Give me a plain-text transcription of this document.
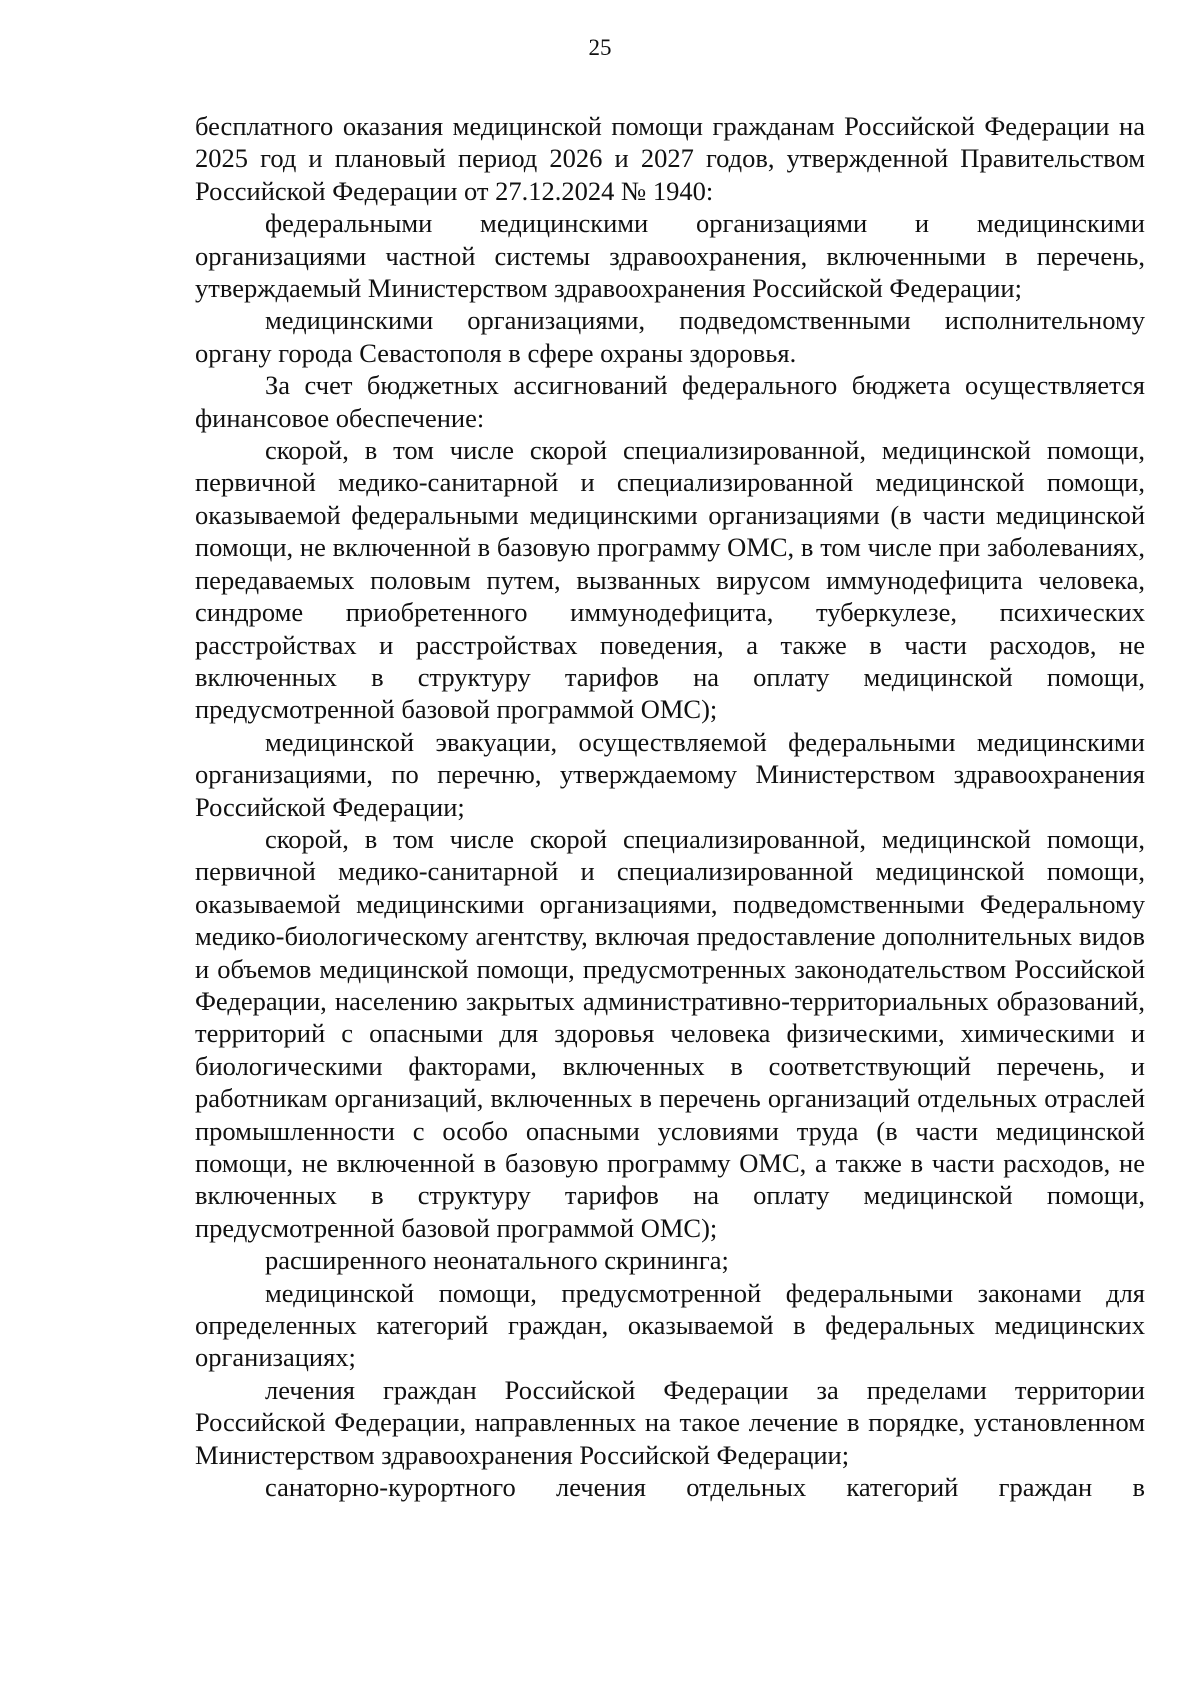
25

бесплатного оказания медицинской помощи гражданам Российской Федерации на 2025 год и плановый период 2026 и 2027 годов, утвержденной Правительством Российской Федерации от 27.12.2024 № 1940:

федеральными медицинскими организациями и медицинскими организациями частной системы здравоохранения, включенными в перечень, утверждаемый Министерством здравоохранения Российской Федерации;

медицинскими организациями, подведомственными исполнительному органу города Севастополя в сфере охраны здоровья.

За счет бюджетных ассигнований федерального бюджета осуществляется финансовое обеспечение:

скорой, в том числе скорой специализированной, медицинской помощи, первичной медико-санитарной и специализированной медицинской помощи, оказываемой федеральными медицинскими организациями (в части медицинской помощи, не включенной в базовую программу ОМС, в том числе при заболеваниях, передаваемых половым путем, вызванных вирусом иммунодефицита человека, синдроме приобретенного иммунодефицита, туберкулезе, психических расстройствах и расстройствах поведения, а также в части расходов, не включенных в структуру тарифов на оплату медицинской помощи, предусмотренной базовой программой ОМС);

медицинской эвакуации, осуществляемой федеральными медицинскими организациями, по перечню, утверждаемому Министерством здравоохранения Российской Федерации;

скорой, в том числе скорой специализированной, медицинской помощи, первичной медико-санитарной и специализированной медицинской помощи, оказываемой медицинскими организациями, подведомственными Федеральному медико-биологическому агентству, включая предоставление дополнительных видов и объемов медицинской помощи, предусмотренных законодательством Российской Федерации, населению закрытых административно-территориальных образований, территорий с опасными для здоровья человека физическими, химическими и биологическими факторами, включенных в соответствующий перечень, и работникам организаций, включенных в перечень организаций отдельных отраслей промышленности с особо опасными условиями труда (в части медицинской помощи, не включенной в базовую программу ОМС, а также в части расходов, не включенных в структуру тарифов на оплату медицинской помощи, предусмотренной базовой программой ОМС);

расширенного неонатального скрининга;

медицинской помощи, предусмотренной федеральными законами для определенных категорий граждан, оказываемой в федеральных медицинских организациях;

лечения граждан Российской Федерации за пределами территории Российской Федерации, направленных на такое лечение в порядке, установленном Министерством здравоохранения Российской Федерации;

санаторно-курортного лечения отдельных категорий граждан в
